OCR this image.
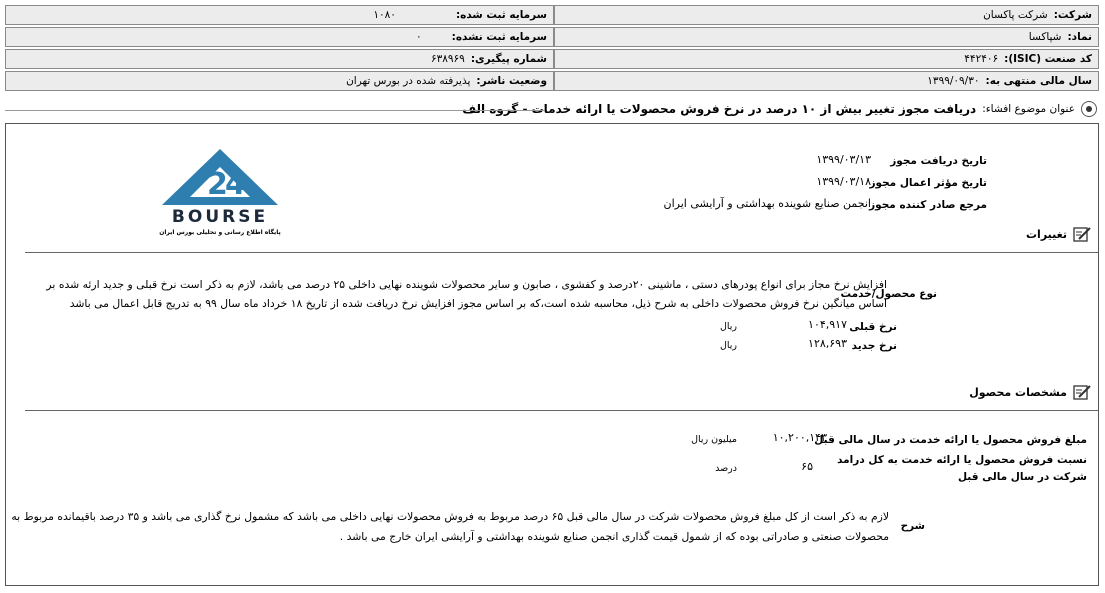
شرکت:شرکت پاکسان
سرمایه ثبت شده:۱۰۸۰
نماد:شپاکسا
سرمایه ثبت نشده:۰
کد صنعت (ISIC):۴۴۲۴۰۶
شماره پیگیری:۶۳۸۹۶۹
سال مالی منتهی به:۱۳۹۹/۰۹/۳۰
وضعیت ناشر:پذیرفته شده در بورس تهران
عنوان موضوع افشاء:
دریافت مجوز تغییر بیش از ۱۰ درصد در نرخ فروش محصولات یا ارائه خدمات - گروه الف
2
4
BOURSE
پایگاه اطلاع رسانی و تحلیلی بورس ایران
تاریخ دریافت مجوز
۱۳۹۹/۰۳/۱۳
تاریخ مؤثر اعمال مجوز
۱۳۹۹/۰۳/۱۸
مرجع صادر کننده مجوز
انجمن صنایع شوینده بهداشتی و آرایشی ایران
تغییرات
نوع محصول/خدمت
افزایش نرخ مجاز برای انواع پودرهای دستی ، ماشینی ۲۰درصد و کفشوی ، صابون و سایر محصولات شوینده نهایی داخلی ۲۵ درصد می باشد، لازم به ذکر است نرخ قبلی و جدید ارئه شده بر
اساس میانگین نرخ فروش محصولات داخلی به شرح ذیل، محاسبه شده است،که بر اساس مجوز افزایش نرخ دریافت شده از تاریخ ۱۸ خرداد ماه سال ۹۹ به تدریج قابل اعمال می باشد
نرخ قبلی
۱۰۴,۹۱۷
ریال
نرخ جدید
۱۲۸,۶۹۳
ریال
مشخصات محصول
مبلغ فروش محصول یا ارائه خدمت در سال مالی قبل
۱۰,۲۰۰,۱۴۳
میلیون ریال
نسبت فروش محصول یا ارائه خدمت به کل درامد
شرکت در سال مالی قبل
۶۵
درصد
شرح
لازم به ذکر است از کل مبلغ فروش محصولات شرکت در سال مالی قبل ۶۵ درصد مربوط به فروش محصولات نهایی داخلی می باشد که مشمول نرخ گذاری می باشد و ۳۵ درصد باقیمانده مربوط به
محصولات صنعتی و صادراتی بوده که از شمول قیمت گذاری انجمن صنایع شوینده بهداشتی و آرایشی ایران خارج می باشد .
